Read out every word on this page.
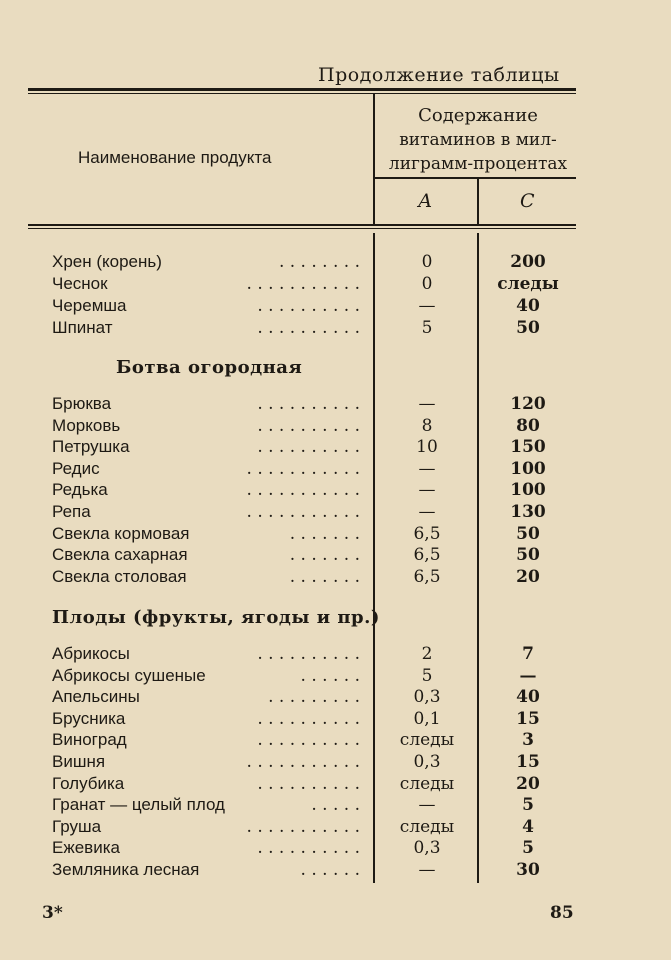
Продолжение таблицы
Наименование продукта
Содержание
витаминов в мил-
лиграмм-процентах
А	С
Хрен (корень)	. . . . . . . .	0	200
Чеснок	. . . . . . . . . . .	0	следы
Черемша	. . . . . . . . . .	—	40
Шпинат	. . . . . . . . . .	5	50
Ботва огородная
Брюква	. . . . . . . . . .	—	120
Морковь	. . . . . . . . . .	8	80
Петрушка	. . . . . . . . . .	10	150
Редис	. . . . . . . . . . .	—	100
Редька	. . . . . . . . . . .	—	100
Репа	. . . . . . . . . . .	—	130
Свекла кормовая	. . . . . . .	6,5	50
Свекла сахарная	. . . . . . .	6,5	50
Свекла столовая	. . . . . . .	6,5	20
Плоды (фрукты, ягоды и пр.)
Абрикосы	. . . . . . . . . .	2	7
Абрикосы сушеные	. . . . . .	5	—
Апельсины	. . . . . . . . .	0,3	40
Брусника	. . . . . . . . . .	0,1	15
Виноград	. . . . . . . . . .	следы	3
Вишня	. . . . . . . . . . .	0,3	15
Голубика	. . . . . . . . . .	следы	20
Гранат — целый плод	. . . . .	—	5
Груша	. . . . . . . . . . .	следы	4
Ежевика	. . . . . . . . . .	0,3	5
Земляника лесная	. . . . . .	—	30
3*	85
